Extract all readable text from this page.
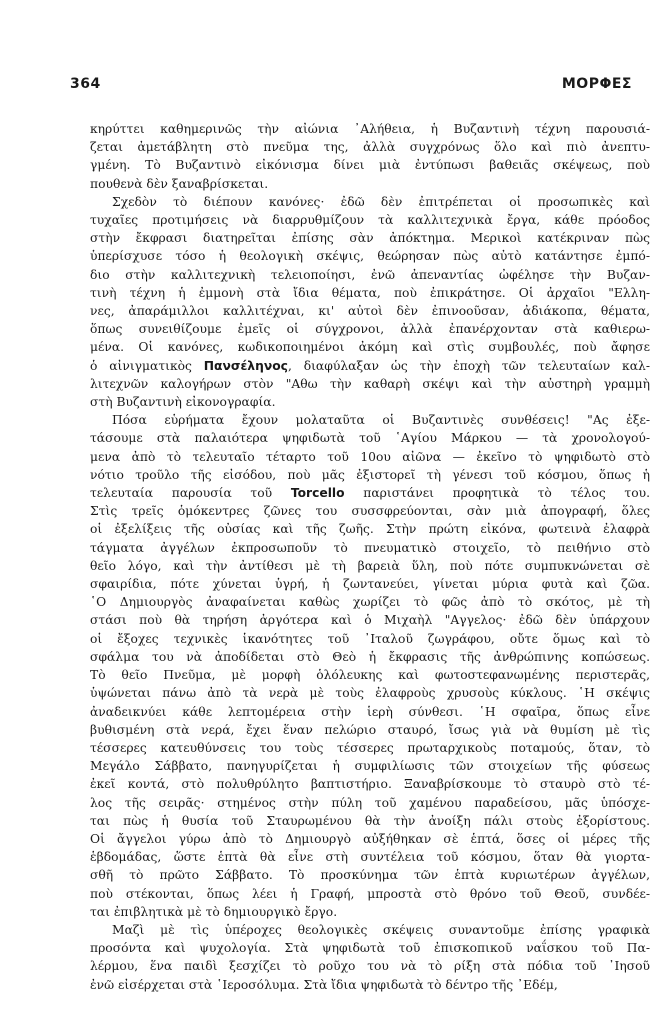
364	ΜΟΡΦΕΣ
κηρύττει καθημερινῶς τὴν αἰώνια ᾿Αλήθεια, ἡ Βυζαντινὴ τέχνη παρουσιά-
ζεται ἀμετάβλητη στὸ πνεῦμα της, ἀλλὰ συγχρόνως ὅλο καὶ πιὸ ἀνεπτυ-
γμένη. Τὸ Βυζαντινὸ εἰκόνισμα δίνει μιὰ ἐντύπωσι βαθειᾶς σκέψεως, ποὺ
πουθενὰ δὲν ξαναβρίσκεται.
Σχεδὸν τὸ διέπουν κανόνες· ἐδῶ δὲν ἐπιτρέπεται οἱ προσωπικὲς καὶ
τυχαῖες προτιμήσεις νὰ διαρρυθμίζουν τὰ καλλιτεχνικὰ ἔργα, κάθε πρόοδος
στὴν ἔκφρασι διατηρεῖται ἐπίσης σὰν ἀπόκτημα. Μερικοὶ κατέκριναν πὼς
ὑπερίσχυσε τόσο ἡ θεολογικὴ σκέψις, θεώρησαν πὼς αὐτὸ κατάντησε ἐμπό-
διο στὴν καλλιτεχνικὴ τελειοποίησι, ἐνῶ ἀπεναντίας ὠφέλησε τὴν Βυζαν-
τινὴ τέχνη ἡ ἐμμονὴ στὰ ἴδια θέματα, ποὺ ἐπικράτησε. Οἱ ἀρχαῖοι "Ελλη-
νες, ἀπαράμιλλοι καλλιτέχναι, κι' αὐτοὶ δὲν ἐπινοοῦσαν, ἀδιάκοπα, θέματα,
ὅπως συνειθίζουμε ἐμεῖς οἱ σύγχρονοι, ἀλλὰ ἐπανέρχονταν στὰ καθιερω-
μένα. Οἱ κανόνες, κωδικοποιημένοι ἀκόμη καὶ στὶς συμβουλές, ποὺ ἄφησε
ὁ αἰνιγματικὸς Πανσέληνος, διαφύλαξαν ὡς τὴν ἐποχὴ τῶν τελευταίων καλ-
λιτεχνῶν καλογήρων στὸν "Αθω τὴν καθαρὴ σκέψι καὶ τὴν αὐστηρὴ γραμμὴ
στὴ Βυζαντινὴ εἰκονογραφία.
Πόσα εὑρήματα ἔχουν μολαταῦτα οἱ Βυζαντινὲς συνθέσεις! "Ας ἐξε-
τάσουμε στὰ παλαιότερα ψηφιδωτὰ τοῦ ῾Αγίου Μάρκου — τὰ χρονολογού-
μενα ἀπὸ τὸ τελευταῖο τέταρτο τοῦ 10ου αἰῶνα — ἐκεῖνο τὸ ψηφιδωτὸ στὸ
νότιο τροῦλο τῆς εἰσόδου, ποὺ μᾶς ἐξιστορεῖ τὴ γένεσι τοῦ κόσμου, ὅπως ἡ
τελευταία παρουσία τοῦ Torcello παριστάνει προφητικὰ τὸ τέλος του.
Στὶς τρεῖς ὁμόκεντρες ζῶνες του συσσφρεύονται, σὰν μιὰ ἀπογραφή, ὅλες
οἱ ἐξελίξεις τῆς οὐσίας καὶ τῆς ζωῆς. Στὴν πρώτη εἰκόνα, φωτεινὰ ἐλαφρὰ
τάγματα ἀγγέλων ἐκπροσωποῦν τὸ πνευματικὸ στοιχεῖο, τὸ πειθήνιο στὸ
θεῖο λόγο, καὶ τὴν ἀντίθεσι μὲ τὴ βαρειὰ ὕλη, ποὺ πότε συμπυκνώνεται σὲ
σφαιρίδια, πότε χύνεται ὑγρή, ἡ ζωντανεύει, γίνεται μύρια φυτὰ καὶ ζῶα.
῾Ο Δημιουργὸς ἀναφαίνεται καθὼς χωρίζει τὸ φῶς ἀπὸ τὸ σκότος, μὲ τὴ
στάσι ποὺ θὰ τηρήση ἀργότερα καὶ ὁ Μιχαὴλ "Αγγελος· ἐδῶ δὲν ὑπάρχουν
οἱ ἔξοχες τεχνικὲς ἱκανότητες τοῦ ᾿Ιταλοῦ ζωγράφου, οὔτε ὅμως καὶ τὸ
σφάλμα του νὰ ἀποδίδεται στὸ Θεὸ ἡ ἔκφρασις τῆς ἀνθρώπινης κοπώσεως.
Τὸ θεῖο Πνεῦμα, μὲ μορφὴ ὁλόλευκης καὶ φωτοστεφανωμένης περιστερᾶς,
ὑψώνεται πάνω ἀπὸ τὰ νερὰ μὲ τοὺς ἐλαφροὺς χρυσοὺς κύκλους. ῾Η σκέψις
ἀναδεικνύει κάθε λεπτομέρεια στὴν ἱερὴ σύνθεσι. ῾Η σφαῖρα, ὅπως εἶνε
βυθισμένη στὰ νερά, ἔχει ἕναν πελώριο σταυρό, ἴσως γιὰ νὰ θυμίση μὲ τὶς
τέσσερες κατευθύνσεις του τοὺς τέσσερες πρωταρχικοὺς ποταμούς, ὅταν, τὸ
Μεγάλο Σάββατο, πανηγυρίζεται ἡ συμφιλίωσις τῶν στοιχείων τῆς φύσεως
ἐκεῖ κοντά, στὸ πολυθρύλητο βαπτιστήριο. Ξαναβρίσκουμε τὸ σταυρὸ στὸ τέ-
λος τῆς σειρᾶς· στημένος στὴν πύλη τοῦ χαμένου παραδείσου, μᾶς ὑπόσχε-
ται πὼς ἡ θυσία τοῦ Σταυρωμένου θὰ τὴν ἀνοίξη πάλι στοὺς ἐξορίστους.
Οἱ ἄγγελοι γύρω ἀπὸ τὸ Δημιουργὸ αὐξήθηκαν σὲ ἑπτά, ὅσες οἱ μέρες τῆς
ἑβδομάδας, ὥστε ἑπτὰ θὰ εἶνε στὴ συντέλεια τοῦ κόσμου, ὅταν θὰ γιορτα-
σθῆ τὸ πρῶτο Σάββατο. Τὸ προσκύνημα τῶν ἑπτὰ κυριωτέρων ἀγγέλων,
ποὺ στέκονται, ὅπως λέει ἡ Γραφή, μπροστὰ στὸ θρόνο τοῦ Θεοῦ, συνδέε-
ται ἐπιβλητικὰ μὲ τὸ δημιουργικὸ ἔργο.
Μαζὶ μὲ τὶς ὑπέροχες θεολογικὲς σκέψεις συναντοῦμε ἐπίσης γραφικὰ
προσόντα καὶ ψυχολογία. Στὰ ψηφιδωτὰ τοῦ ἐπισκοπικοῦ ναΐσκου τοῦ Πα-
λέρμου, ἕνα παιδὶ ξεσχίζει τὸ ροῦχο του νὰ τὸ ρίξη στὰ πόδια τοῦ ᾿Ιησοῦ
ἐνῶ εἰσέρχεται στὰ ῾Ιεροσόλυμα. Στὰ ἴδια ψηφιδωτὰ τὸ δέντρο τῆς ᾿Εδέμ,
